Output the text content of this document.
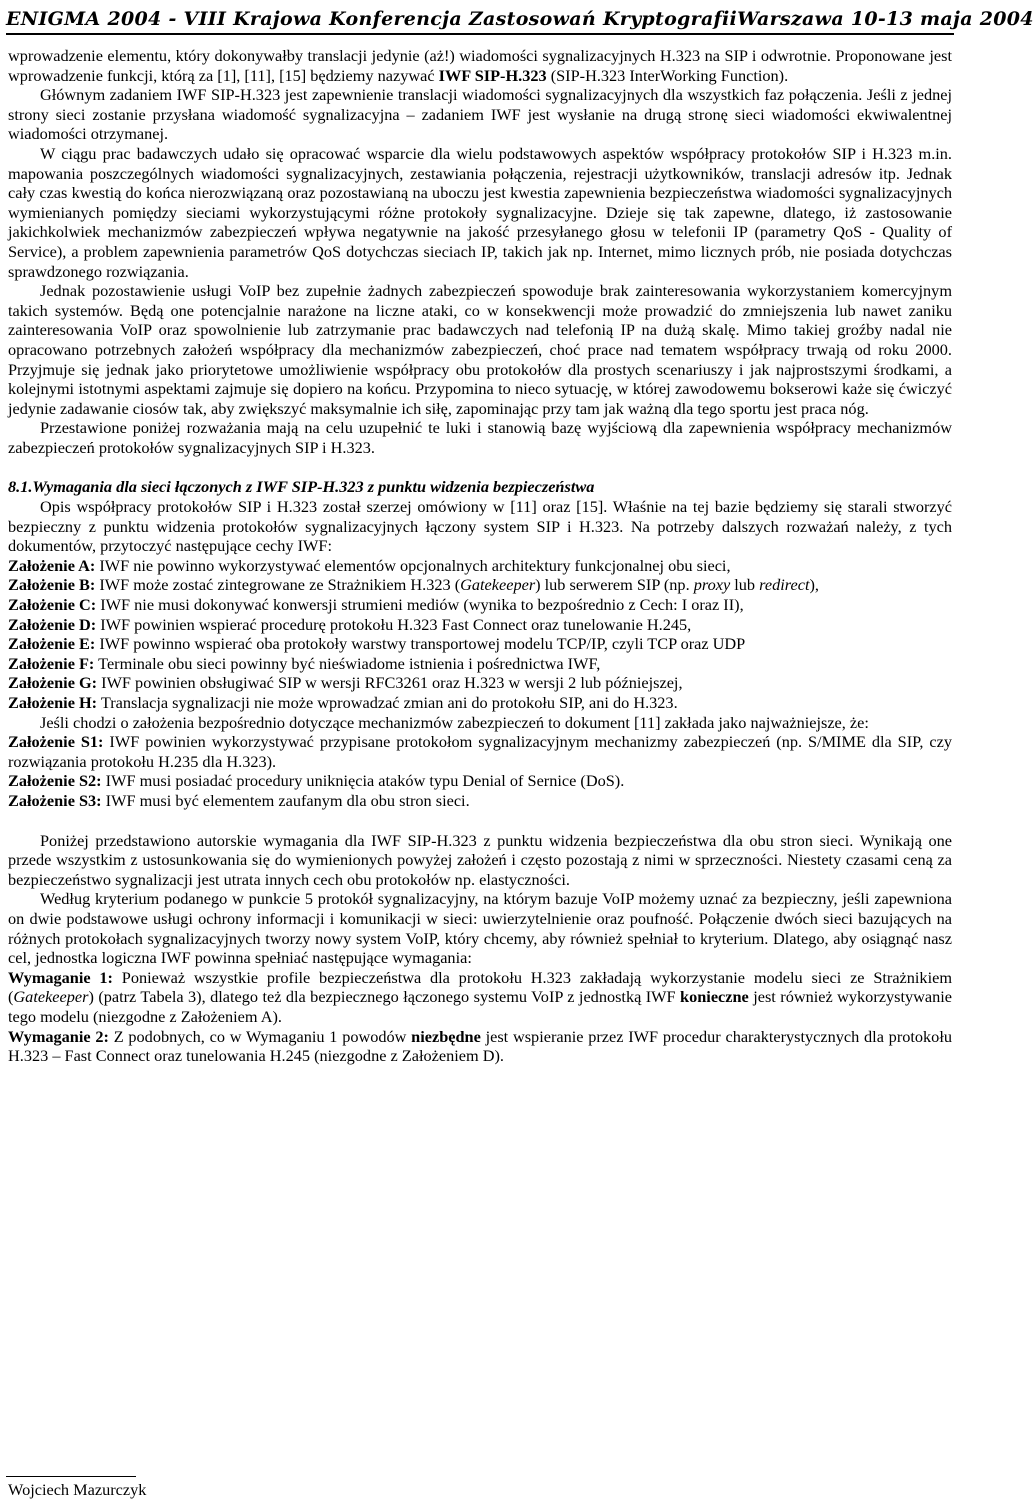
ENIGMA 2004 - VIII Krajowa Konferencja Zastosowań Kryptografii Warszawa 10-13 maja 2004

wprowadzenie elementu, który dokonywałby translacji jedynie (aż!) wiadomości sygnalizacyjnych H.323 na SIP i odwrotnie. Proponowane jest wprowadzenie funkcji, którą za [1], [11], [15] będziemy nazywać IWF SIP-H.323 (SIP-H.323 InterWorking Function).

Głównym zadaniem IWF SIP-H.323 jest zapewnienie translacji wiadomości sygnalizacyjnych dla wszystkich faz połączenia. Jeśli z jednej strony sieci zostanie przysłana wiadomość sygnalizacyjna – zadaniem IWF jest wysłanie na drugą stronę sieci wiadomości ekwiwalentnej wiadomości otrzymanej.

W ciągu prac badawczych udało się opracować wsparcie dla wielu podstawowych aspektów współpracy protokołów SIP i H.323 m.in. mapowania poszczególnych wiadomości sygnalizacyjnych, zestawiania połączenia, rejestracji użytkowników, translacji adresów itp. Jednak cały czas kwestią do końca nierozwiązaną oraz pozostawianą na uboczu jest kwestia zapewnienia bezpieczeństwa wiadomości sygnalizacyjnych wymienianych pomiędzy sieciami wykorzystującymi różne protokoły sygnalizacyjne. Dzieje się tak zapewne, dlatego, iż zastosowanie jakichkolwiek mechanizmów zabezpieczeń wpływa negatywnie na jakość przesyłanego głosu w telefonii IP (parametry QoS - Quality of Service), a problem zapewnienia parametrów QoS dotychczas sieciach IP, takich jak np. Internet, mimo licznych prób, nie posiada dotychczas sprawdzonego rozwiązania.

Jednak pozostawienie usługi VoIP bez zupełnie żadnych zabezpieczeń spowoduje brak zainteresowania wykorzystaniem komercyjnym takich systemów. Będą one potencjalnie narażone na liczne ataki, co w konsekwencji może prowadzić do zmniejszenia lub nawet zaniku zainteresowania VoIP oraz spowolnienie lub zatrzymanie prac badawczych nad telefonią IP na dużą skalę. Mimo takiej groźby nadal nie opracowano potrzebnych założeń współpracy dla mechanizmów zabezpieczeń, choć prace nad tematem współpracy trwają od roku 2000. Przyjmuje się jednak jako priorytetowe umożliwienie współpracy obu protokołów dla prostych scenariuszy i jak najprostszymi środkami, a kolejnymi istotnymi aspektami zajmuje się dopiero na końcu. Przypomina to nieco sytuację, w której zawodowemu bokserowi każe się ćwiczyć jedynie zadawanie ciosów tak, aby zwiększyć maksymalnie ich siłę, zapominając przy tam jak ważną dla tego sportu jest praca nóg.

Przestawione poniżej rozważania mają na celu uzupełnić te luki i stanowią bazę wyjściową dla zapewnienia współpracy mechanizmów zabezpieczeń protokołów sygnalizacyjnych SIP i H.323.

8.1.Wymagania dla sieci łączonych z IWF SIP-H.323 z punktu widzenia bezpieczeństwa

Opis współpracy protokołów SIP i H.323 został szerzej omówiony w [11] oraz [15]. Właśnie na tej bazie będziemy się starali stworzyć bezpieczny z punktu widzenia protokołów sygnalizacyjnych łączony system SIP i H.323. Na potrzeby dalszych rozważań należy, z tych dokumentów, przytoczyć następujące cechy IWF:

Założenie A: IWF nie powinno wykorzystywać elementów opcjonalnych architektury funkcjonalnej obu sieci,

Założenie B: IWF może zostać zintegrowane ze Strażnikiem H.323 (Gatekeeper) lub serwerem SIP (np. proxy lub redirect),

Założenie C: IWF nie musi dokonywać konwersji strumieni mediów (wynika to bezpośrednio z Cech: I oraz II),

Założenie D: IWF powinien wspierać procedurę protokołu H.323 Fast Connect oraz tunelowanie H.245,

Założenie E: IWF powinno wspierać oba protokoły warstwy transportowej modelu TCP/IP, czyli TCP oraz UDP

Założenie F: Terminale obu sieci powinny być nieświadome istnienia i pośrednictwa IWF,

Założenie G: IWF powinien obsługiwać SIP w wersji RFC3261 oraz H.323 w wersji 2 lub późniejszej,

Założenie H: Translacja sygnalizacji nie może wprowadzać zmian ani do protokołu SIP, ani do H.323.

Jeśli chodzi o założenia bezpośrednio dotyczące mechanizmów zabezpieczeń to dokument [11] zakłada jako najważniejsze, że:

Założenie S1: IWF powinien wykorzystywać przypisane protokołom sygnalizacyjnym mechanizmy zabezpieczeń (np. S/MIME dla SIP, czy rozwiązania protokołu H.235 dla H.323).

Założenie S2: IWF musi posiadać procedury uniknięcia ataków typu Denial of Sernice (DoS).

Założenie S3: IWF musi być elementem zaufanym dla obu stron sieci.

Poniżej przedstawiono autorskie wymagania dla IWF SIP-H.323 z punktu widzenia bezpieczeństwa dla obu stron sieci. Wynikają one przede wszystkim z ustosunkowania się do wymienionych powyżej założeń i często pozostają z nimi w sprzeczności. Niestety czasami ceną za bezpieczeństwo sygnalizacji jest utrata innych cech obu protokołów np. elastyczności.

Według kryterium podanego w punkcie 5 protokół sygnalizacyjny, na którym bazuje VoIP możemy uznać za bezpieczny, jeśli zapewniona on dwie podstawowe usługi ochrony informacji i komunikacji w sieci: uwierzytelnienie oraz poufność. Połączenie dwóch sieci bazujących na różnych protokołach sygnalizacyjnych tworzy nowy system VoIP, który chcemy, aby również spełniał to kryterium. Dlatego, aby osiągnąć nasz cel, jednostka logiczna IWF powinna spełniać następujące wymagania:

Wymaganie 1: Ponieważ wszystkie profile bezpieczeństwa dla protokołu H.323 zakładają wykorzystanie modelu sieci ze Strażnikiem (Gatekeeper) (patrz Tabela 3), dlatego też dla bezpiecznego łączonego systemu VoIP z jednostką IWF konieczne jest również wykorzystywanie tego modelu (niezgodne z Założeniem A).

Wymaganie 2: Z podobnych, co w Wymaganiu 1 powodów niezbędne jest wspieranie przez IWF procedur charakterystycznych dla protokołu H.323 – Fast Connect oraz tunelowania H.245 (niezgodne z Założeniem D).

Wojciech Mazurczyk
